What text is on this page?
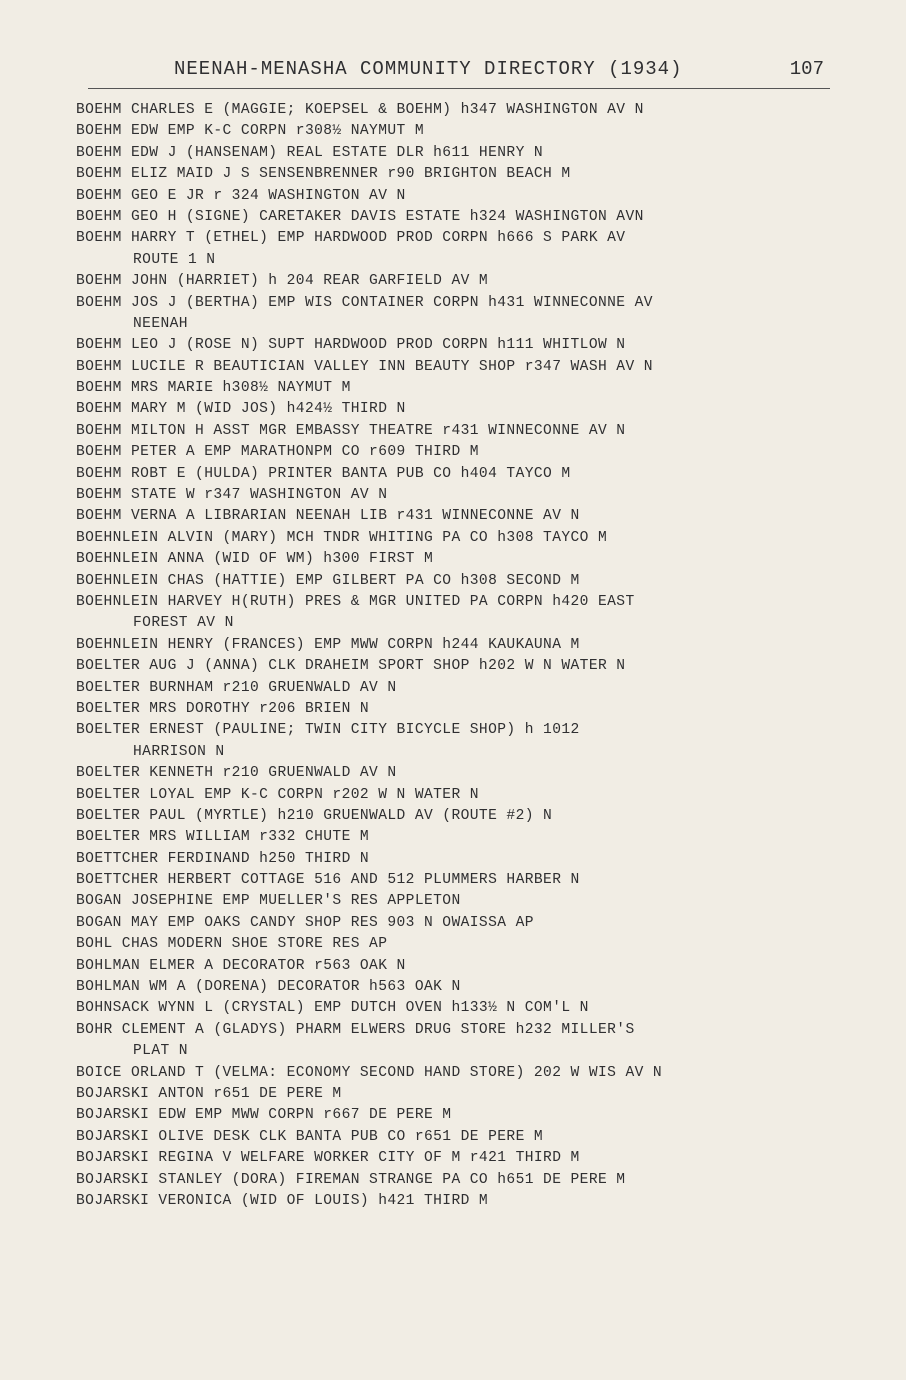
NEENAH-MENASHA COMMUNITY DIRECTORY (1934)	107
BOEHM CHARLES E (MAGGIE; KOEPSEL & BOEHM) h347 WASHINGTON AV N
BOEHM EDW EMP K-C CORPN r308½ NAYMUT M
BOEHM EDW J (HANSENAM) REAL ESTATE DLR h611 HENRY N
BOEHM ELIZ MAID J S SENSENBRENNER r90 BRIGHTON BEACH M
BOEHM GEO E JR r 324 WASHINGTON AV N
BOEHM GEO H (SIGNE) CARETAKER DAVIS ESTATE h324 WASHINGTON AVN
BOEHM HARRY T (ETHEL) EMP HARDWOOD PROD CORPN h666 S PARK AV
ROUTE 1 N
BOEHM JOHN (HARRIET) h 204 REAR GARFIELD AV M
BOEHM JOS J (BERTHA) EMP WIS CONTAINER CORPN h431 WINNECONNE AV
NEENAH
BOEHM LEO J (ROSE N) SUPT HARDWOOD PROD CORPN h111 WHITLOW N
BOEHM LUCILE R BEAUTICIAN VALLEY INN BEAUTY SHOP r347 WASH AV N
BOEHM MRS MARIE h308½ NAYMUT M
BOEHM MARY M (WID JOS) h424½ THIRD N
BOEHM MILTON H ASST MGR EMBASSY THEATRE r431 WINNECONNE AV N
BOEHM PETER A EMP MARATHONPM CO r609 THIRD M
BOEHM ROBT E (HULDA) PRINTER BANTA PUB CO h404 TAYCO M
BOEHM STATE W r347 WASHINGTON AV N
BOEHM VERNA A LIBRARIAN NEENAH LIB r431 WINNECONNE AV N
BOEHNLEIN ALVIN (MARY) MCH TNDR WHITING PA CO h308 TAYCO M
BOEHNLEIN ANNA (WID OF WM) h300 FIRST M
BOEHNLEIN CHAS (HATTIE) EMP GILBERT PA CO h308 SECOND M
BOEHNLEIN HARVEY H(RUTH) PRES & MGR UNITED PA CORPN h420 EAST
FOREST AV N
BOEHNLEIN HENRY (FRANCES) EMP MWW CORPN h244 KAUKAUNA M
BOELTER AUG J (ANNA) CLK DRAHEIM SPORT SHOP h202 W N WATER N
BOELTER BURNHAM r210 GRUENWALD AV N
BOELTER MRS DOROTHY r206 BRIEN N
BOELTER ERNEST (PAULINE; TWIN CITY BICYCLE SHOP) h 1012
HARRISON N
BOELTER KENNETH r210 GRUENWALD AV N
BOELTER LOYAL EMP K-C CORPN r202 W N WATER N
BOELTER PAUL (MYRTLE) h210 GRUENWALD AV (ROUTE #2) N
BOELTER MRS WILLIAM r332 CHUTE M
BOETTCHER FERDINAND h250 THIRD N
BOETTCHER HERBERT COTTAGE 516 AND 512 PLUMMERS HARBER N
BOGAN JOSEPHINE EMP MUELLER'S RES APPLETON
BOGAN MAY EMP OAKS CANDY SHOP RES 903 N OWAISSA AP
BOHL CHAS MODERN SHOE STORE RES AP
BOHLMAN ELMER A DECORATOR r563 OAK N
BOHLMAN WM A (DORENA) DECORATOR h563 OAK N
BOHNSACK WYNN L (CRYSTAL) EMP DUTCH OVEN h133½ N COM'L N
BOHR CLEMENT A (GLADYS) PHARM ELWERS DRUG STORE h232 MILLER'S
PLAT N
BOICE ORLAND T (VELMA: ECONOMY SECOND HAND STORE) 202 W WIS AV N
BOJARSKI ANTON r651 DE PERE M
BOJARSKI EDW EMP MWW CORPN r667 DE PERE M
BOJARSKI OLIVE DESK CLK BANTA PUB CO r651 DE PERE M
BOJARSKI REGINA V WELFARE WORKER CITY OF M r421 THIRD M
BOJARSKI STANLEY (DORA) FIREMAN STRANGE PA CO h651 DE PERE M
BOJARSKI VERONICA (WID OF LOUIS) h421 THIRD M
